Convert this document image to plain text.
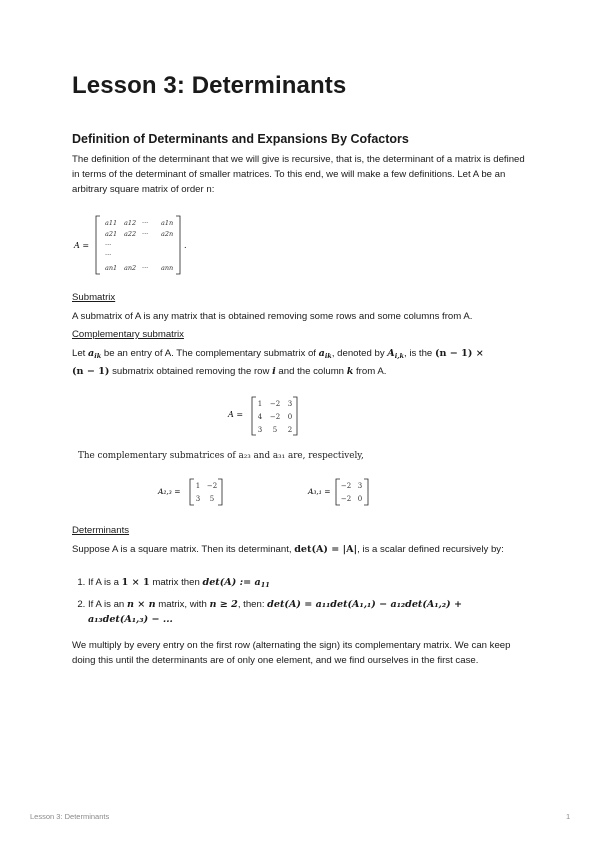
Lesson 3: Determinants
Definition of Determinants and Expansions By Cofactors

The definition of the determinant that we will give is recursive, that is, the determinant of a matrix is defined in terms of the determinant of smaller matrices. To this end, we will make a few definitions. Let A be an arbitrary square matrix of order n:

A =
a11 a12 ··· a1n
a21 a22 ··· a2n
···
···
an1 an2 ··· ann
.
Submatrix

A submatrix of A is any matrix that is obtained removing some rows and some columns from A.

Complementary submatrix

Let $a_{ik}$ be an entry of A. The complementary submatrix of $a_{ik}$, denoted by $A_{i,k}$, is the (n − 1) ×
(n − 1) submatrix obtained removing the row i and the column k from A.

A =
1 −2 3
4 −2 0
3 5 2
The complementary submatrices of a₂₃ and a₃₁ are, respectively,
A₂,₃ =
1 −2
3 5
A₃,₁ =
−2 3
−2 0
Determinants

Suppose A is a square matrix. Then its determinant, det(A) = |A|, is a scalar defined recursively by:

1. If A is a 1 × 1 matrix then det(A) := $a_{11}$
2. If A is an n × n matrix, with n ≥ 2, then: det(A) = a₁₁det(A₁,₁) − a₁₂det(A₁,₂) +
a₁₃det(A₁,₃) − ...

We multiply by every entry on the first row (alternating the sign) its complementary matrix. We can keep doing this until the determinants are of only one element, and we find ourselves in the first case.

Lesson 3: Determinants	1
